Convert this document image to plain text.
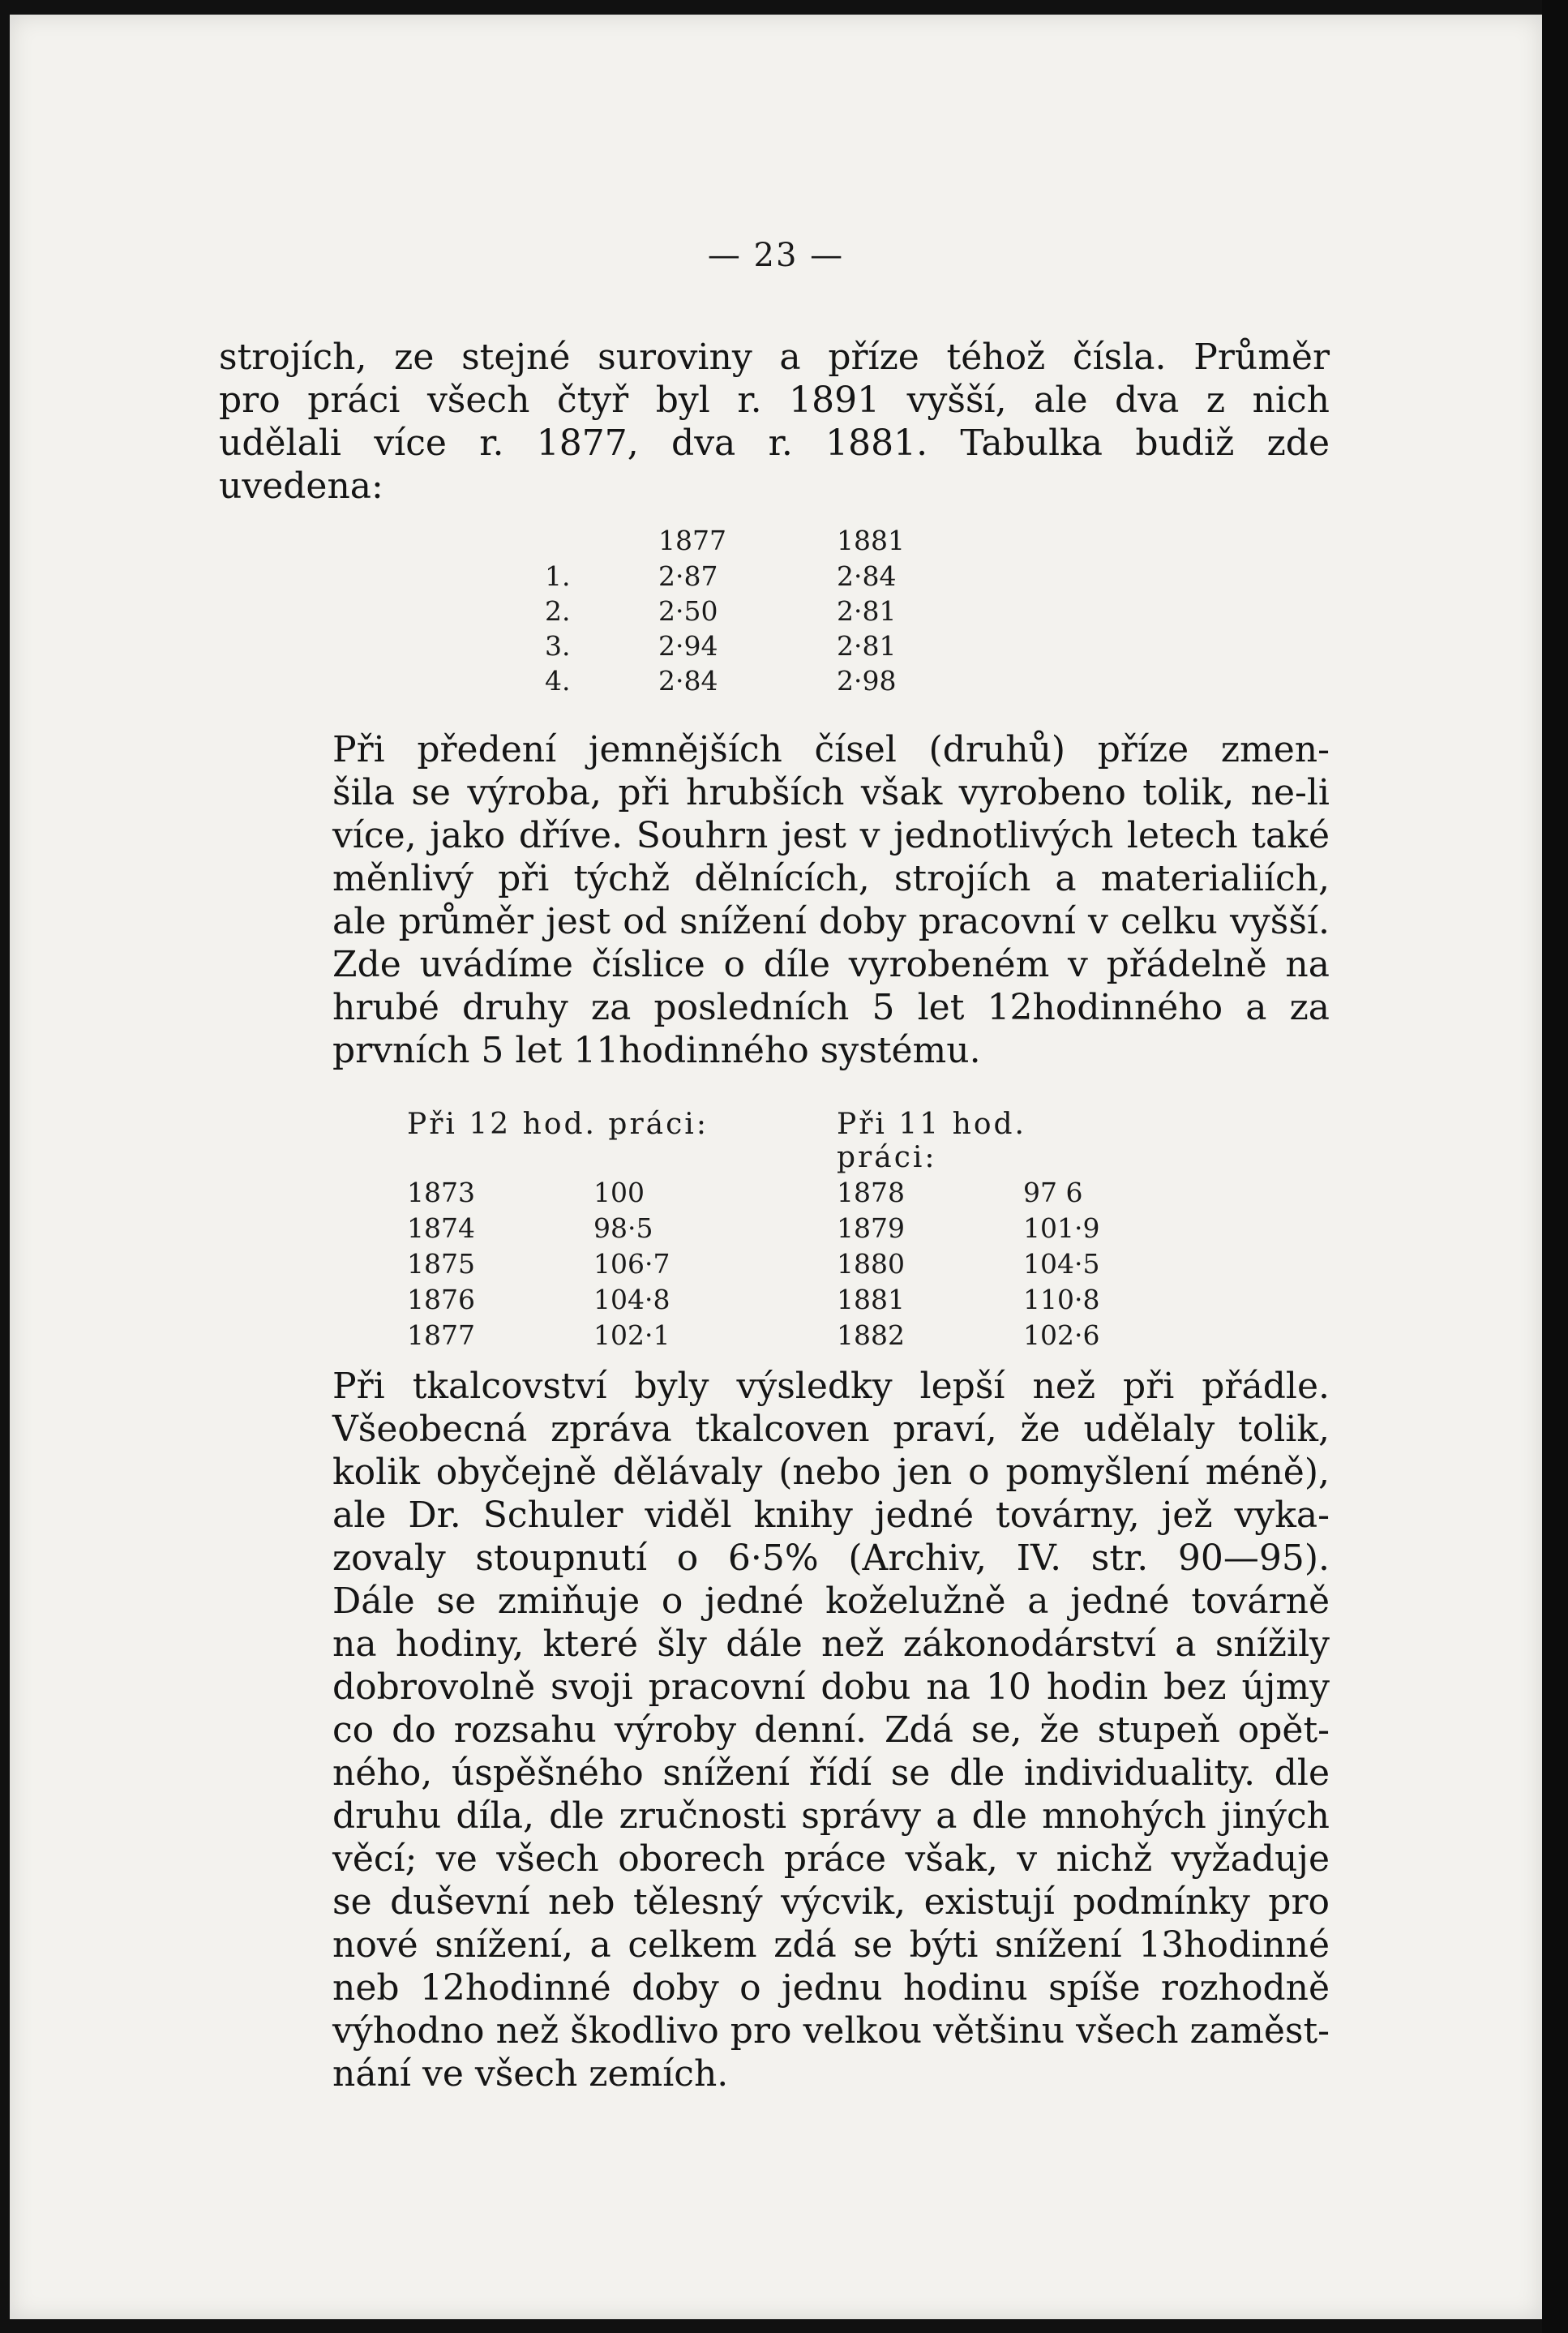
— 23 —
strojích, ze stejné suroviny a příze téhož čísla. Průměr
pro práci všech čtyř byl r. 1891 vyšší, ale dva z nich
udělali více r. 1877, dva r. 1881. Tabulka budiž zde
uvedena:
	1877	1881
1.	2·87	2·84
2.	2·50	2·81
3.	2·94	2·81
4.	2·84	2·98
Při předení jemnějších čísel (druhů) příze zmen-
šila se výroba, při hrubších však vyrobeno tolik, ne-li
více, jako dříve. Souhrn jest v jednotlivých letech také
měnlivý při týchž dělnících, strojích a materialiích,
ale průměr jest od snížení doby pracovní v celku vyšší.
Zde uvádíme číslice o díle vyrobeném v přádelně na
hrubé druhy za posledních 5 let 12hodinného a za
prvních 5 let 11hodinného systému.
Při 12 hod. práci:		Při 11 hod. práci:	
1873	100	1878	97 6
1874	98·5	1879	101·9
1875	106·7	1880	104·5
1876	104·8	1881	110·8
1877	102·1	1882	102·6
Při tkalcovství byly výsledky lepší než při přádle.
Všeobecná zpráva tkalcoven praví, že udělaly tolik,
kolik obyčejně dělávaly (nebo jen o pomyšlení méně),
ale Dr. Schuler viděl knihy jedné továrny, jež vyka-
zovaly stoupnutí o 6·5% (Archiv, IV. str. 90—95).
Dále se zmiňuje o jedné koželužně a jedné továrně
na hodiny, které šly dále než zákonodárství a snížily
dobrovolně svoji pracovní dobu na 10 hodin bez újmy
co do rozsahu výroby denní. Zdá se, že stupeň opět-
ného, úspěšného snížení řídí se dle individuality. dle
druhu díla, dle zručnosti správy a dle mnohých jiných
věcí; ve všech oborech práce však, v nichž vyžaduje
se duševní neb tělesný výcvik, existují podmínky pro
nové snížení, a celkem zdá se býti snížení 13hodinné
neb 12hodinné doby o jednu hodinu spíše rozhodně
výhodno než škodlivo pro velkou většinu všech zaměst-
nání ve všech zemích.
